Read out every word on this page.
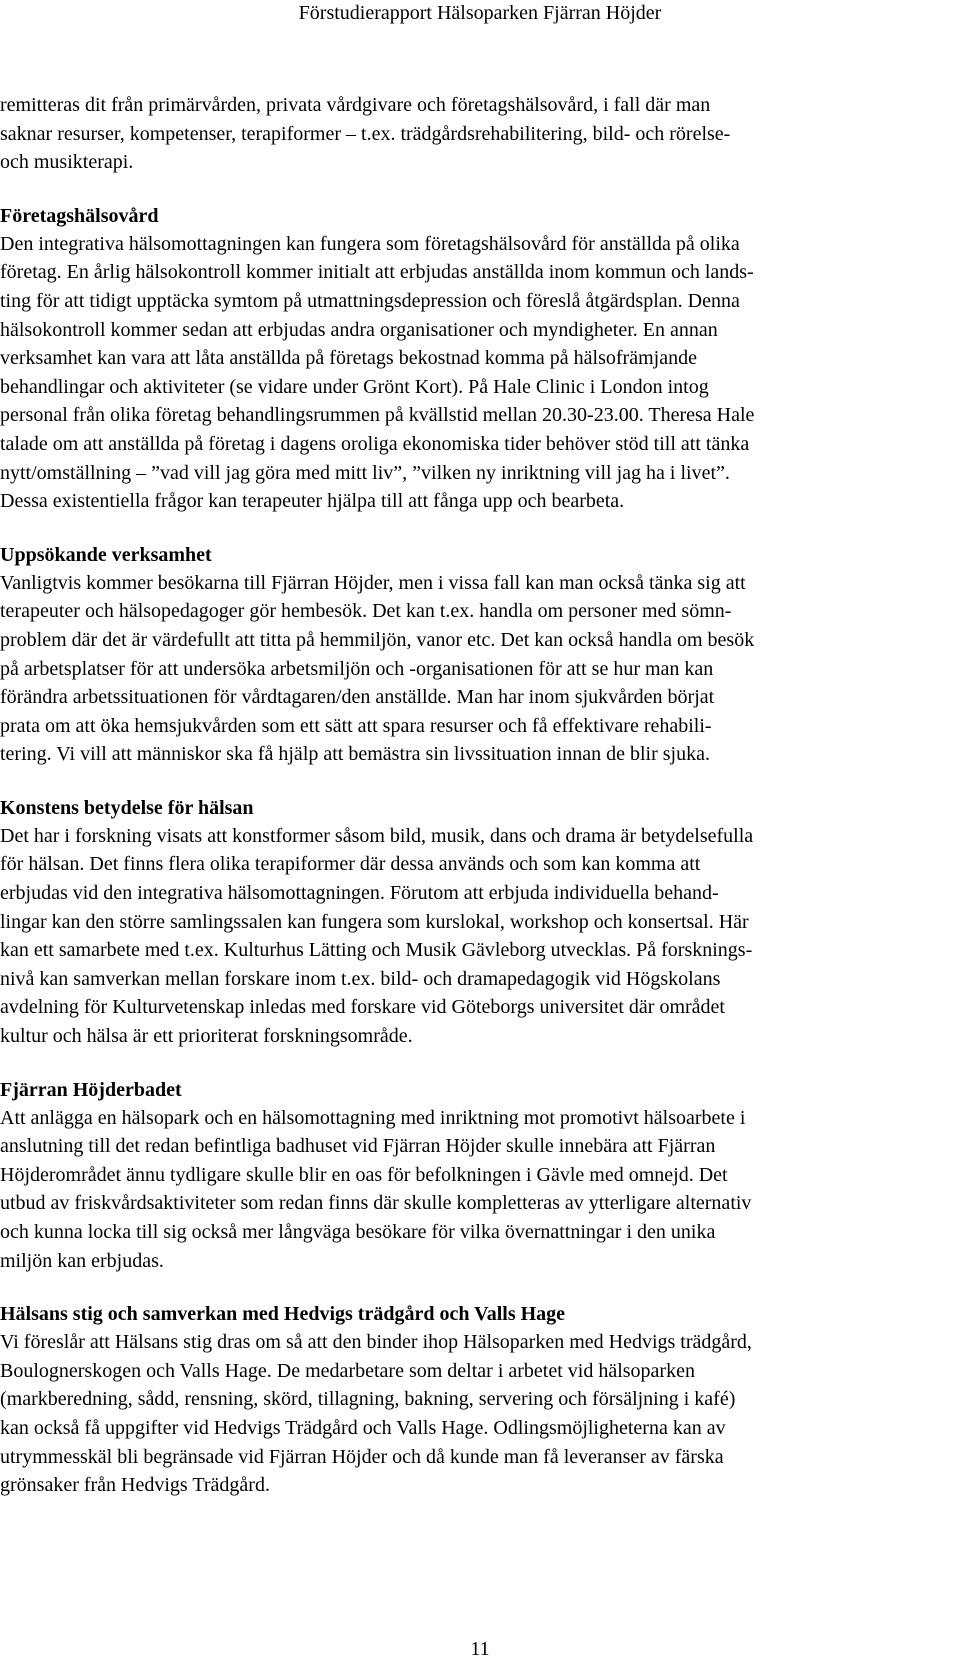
Förstudierapport Hälsoparken Fjärran Höjder
remitteras dit från primärvården, privata vårdgivare och företagshälsovård, i fall där man
saknar resurser, kompetenser, terapiformer – t.ex. trädgårdsrehabilitering, bild- och rörelse-
och musikterapi.
Företagshälsovård
Den integrativa hälsomottagningen kan fungera som företagshälsovård för anställda på olika
företag. En årlig hälsokontroll kommer initialt att erbjudas anställda inom kommun och lands-
ting för att tidigt upptäcka symtom på utmattningsdepression och föreslå åtgärdsplan. Denna
hälsokontroll kommer sedan att erbjudas andra organisationer och myndigheter. En annan
verksamhet kan vara att låta anställda på företags bekostnad komma på hälsofrämjande
behandlingar och aktiviteter (se vidare under Grönt Kort). På Hale Clinic i London intog
personal från olika företag behandlingsrummen på kvällstid mellan 20.30-23.00. Theresa Hale
talade om att anställda på företag i dagens oroliga ekonomiska tider behöver stöd till att tänka
nytt/omställning – ”vad vill jag göra med mitt liv”, ”vilken ny inriktning vill jag ha i livet”.
Dessa existentiella frågor kan terapeuter hjälpa till att fånga upp och bearbeta.
Uppsökande verksamhet
Vanligtvis kommer besökarna till Fjärran Höjder, men i vissa fall kan man också tänka sig att
terapeuter och hälsopedagoger gör hembesök. Det kan t.ex. handla om personer med sömn-
problem där det är värdefullt att titta på hemmiljön, vanor etc. Det kan också handla om besök
på arbetsplatser för att undersöka arbetsmiljön och -organisationen för att se hur man kan
förändra arbetssituationen för vårdtagaren/den anställde. Man har inom sjukvården börjat
prata om att öka hemsjukvården som ett sätt att spara resurser och få effektivare rehabili-
tering. Vi vill att människor ska få hjälp att bemästra sin livssituation innan de blir sjuka.
Konstens betydelse för hälsan
Det har i forskning visats att konstformer såsom bild, musik, dans och drama är betydelsefulla
för hälsan. Det finns flera olika terapiformer där dessa används och som kan komma att
erbjudas vid den integrativa hälsomottagningen. Förutom att erbjuda individuella behand-
lingar kan den större samlingssalen kan fungera som kurslokal, workshop och konsertsal. Här
kan ett samarbete med t.ex. Kulturhus Lätting och Musik Gävleborg utvecklas. På forsknings-
nivå kan samverkan mellan forskare inom t.ex. bild- och dramapedagogik vid Högskolans
avdelning för Kulturvetenskap inledas med forskare vid Göteborgs universitet där området
kultur och hälsa är ett prioriterat forskningsområde.
Fjärran Höjderbadet
Att anlägga en hälsopark och en hälsomottagning med inriktning mot promotivt hälsoarbete i
anslutning till det redan befintliga badhuset vid Fjärran Höjder skulle innebära att Fjärran
Höjderområdet ännu tydligare skulle blir en oas för befolkningen i Gävle med omnejd. Det
utbud av friskvårdsaktiviteter som redan finns där skulle kompletteras av ytterligare alternativ
och kunna locka till sig också mer långväga besökare för vilka övernattningar i den unika
miljön kan erbjudas.
Hälsans stig och samverkan med Hedvigs trädgård och Valls Hage
Vi föreslår att Hälsans stig dras om så att den binder ihop Hälsoparken med Hedvigs trädgård,
Boulognerskogen och Valls Hage. De medarbetare som deltar i arbetet vid hälsoparken
(markberedning, sådd, rensning, skörd, tillagning, bakning, servering och försäljning i kafé)
kan också få uppgifter vid Hedvigs Trädgård och Valls Hage. Odlingsmöjligheterna kan av
utrymmesskäl bli begränsade vid Fjärran Höjder och då kunde man få leveranser av färska
grönsaker från Hedvigs Trädgård.
11
